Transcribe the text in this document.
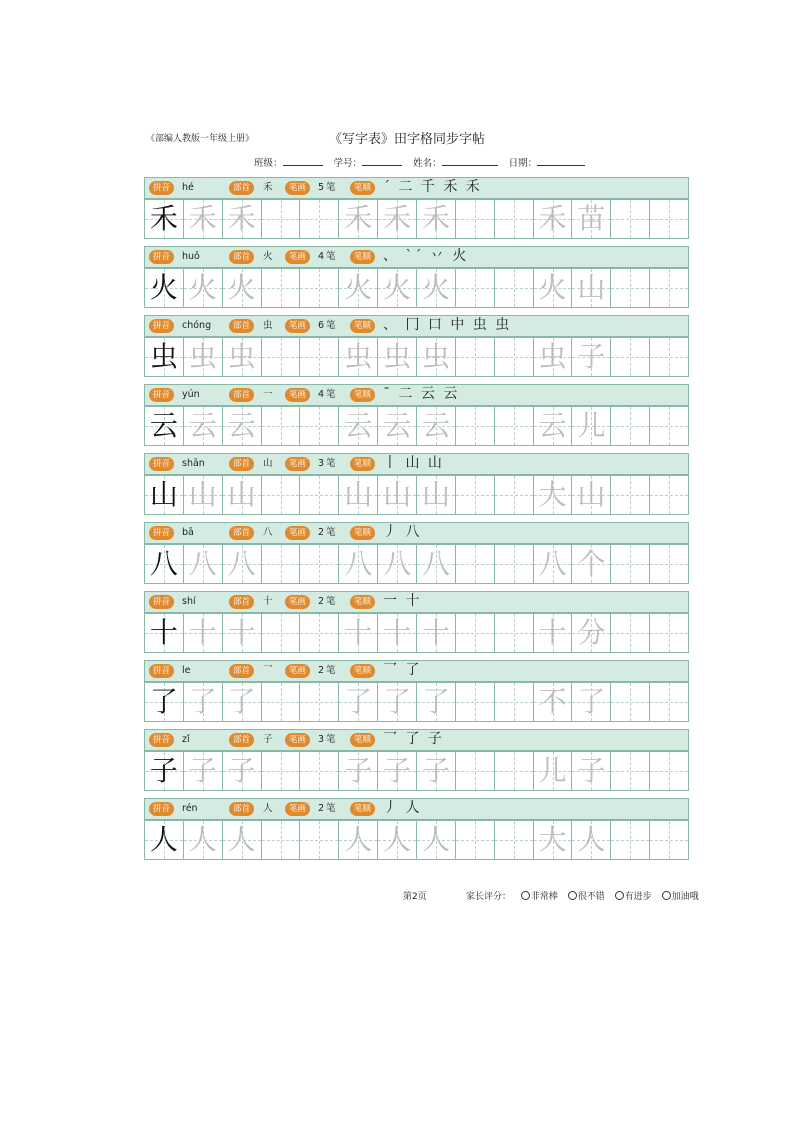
《部编人教版一年级上册》	《写字表》田字格同步字帖
班级：	学号：	姓名：	日期：
拼音	hé	部首	禾	笔画	5 笔	笔顺 ˊ 二 千 禾 禾
禾 禾 禾	禾 禾 禾	禾 苗
拼音	huǒ	部首	火	笔画	4 笔	笔顺 、 ˋˊ 丷 火
火 火 火	火 火 火	火 山
拼音	chóng	部首	虫	笔画	6 笔	笔顺 、 冂 口 中 虫 虫
虫 虫 虫	虫 虫 虫	虫 子
拼音	yún	部首	一	笔画	4 笔	笔顺 ˉ 二 云 云
云 云 云	云 云 云	云 儿
拼音	shān	部首	山	笔画	3 笔	笔顺 丨 山 山
山 山 山	山 山 山	大 山
拼音	bā	部首	八	笔画	2 笔	笔顺 丿 八
八 八 八	八 八 八	八 个
拼音	shí	部首	十	笔画	2 笔	笔顺 一 十
十 十 十	十 十 十	十 分
拼音	le	部首	乛	笔画	2 笔	笔顺 乛 了
了 了 了	了 了 了	不 了
拼音	zǐ	部首	子	笔画	3 笔	笔顺 乛 了 子
子 子 子	子 子 子	儿 子
拼音	rén	部首	人	笔画	2 笔	笔顺 丿 人
人 人 人	人 人 人	大 人
第2页	家长评分： 非常棒 很不错 有进步 加油哦
